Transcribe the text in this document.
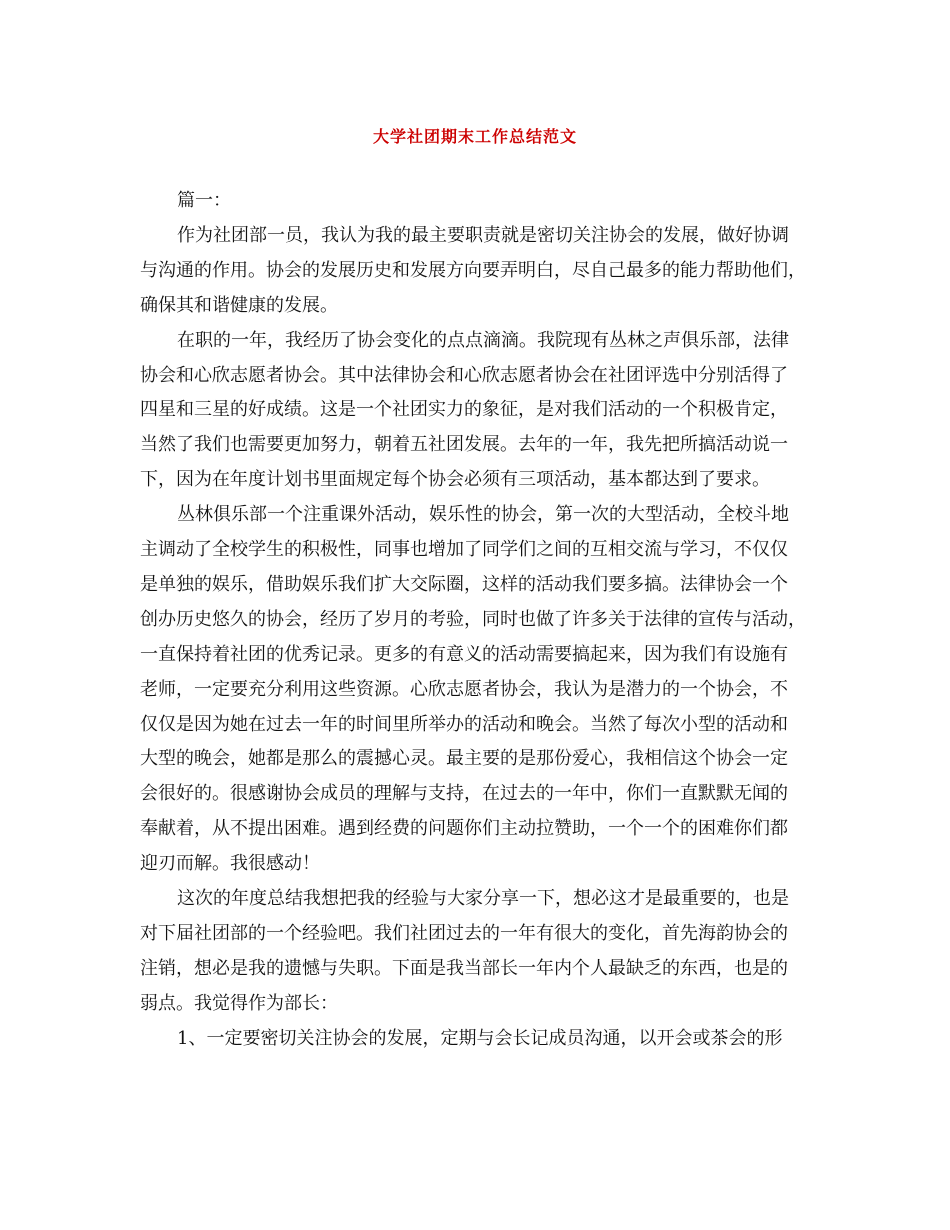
大学社团期末工作总结范文
篇一：
作为社团部一员，我认为我的最主要职责就是密切关注协会的发展，做好协调
与沟通的作用。协会的发展历史和发展方向要弄明白，尽自己最多的能力帮助他们，
确保其和谐健康的发展。
在职的一年，我经历了协会变化的点点滴滴。我院现有丛林之声俱乐部，法律
协会和心欣志愿者协会。其中法律协会和心欣志愿者协会在社团评选中分别活得了
四星和三星的好成绩。这是一个社团实力的象征，是对我们活动的一个积极肯定，
当然了我们也需要更加努力，朝着五社团发展。去年的一年，我先把所搞活动说一
下，因为在年度计划书里面规定每个协会必须有三项活动，基本都达到了要求。
丛林俱乐部一个注重课外活动，娱乐性的协会，第一次的大型活动，全校斗地
主调动了全校学生的积极性，同事也增加了同学们之间的互相交流与学习，不仅仅
是单独的娱乐，借助娱乐我们扩大交际圈，这样的活动我们要多搞。法律协会一个
创办历史悠久的协会，经历了岁月的考验，同时也做了许多关于法律的宣传与活动，
一直保持着社团的优秀记录。更多的有意义的活动需要搞起来，因为我们有设施有
老师，一定要充分利用这些资源。心欣志愿者协会，我认为是潜力的一个协会，不
仅仅是因为她在过去一年的时间里所举办的活动和晚会。当然了每次小型的活动和
大型的晚会，她都是那么的震撼心灵。最主要的是那份爱心，我相信这个协会一定
会很好的。很感谢协会成员的理解与支持，在过去的一年中，你们一直默默无闻的
奉献着，从不提出困难。遇到经费的问题你们主动拉赞助，一个一个的困难你们都
迎刃而解。我很感动！
这次的年度总结我想把我的经验与大家分享一下，想必这才是最重要的，也是
对下届社团部的一个经验吧。我们社团过去的一年有很大的变化，首先海韵协会的
注销，想必是我的遗憾与失职。下面是我当部长一年内个人最缺乏的东西，也是的
弱点。我觉得作为部长：
1、一定要密切关注协会的发展，定期与会长记成员沟通，以开会或茶会的形
